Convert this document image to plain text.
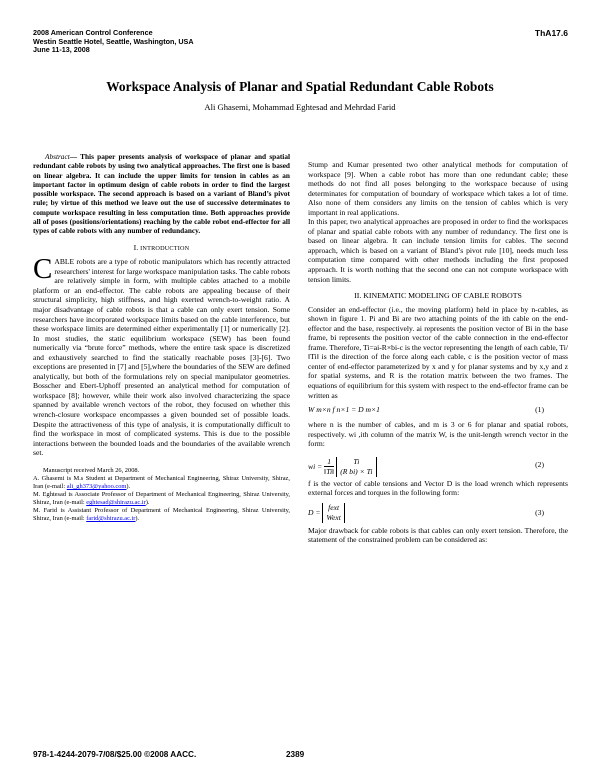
2008 American Control Conference
Westin Seattle Hotel, Seattle, Washington, USA
June 11-13, 2008
ThA17.6
Workspace Analysis of Planar and Spatial Redundant Cable Robots
Ali Ghasemi, Mohammad Eghtesad and Mehrdad Farid

Abstract— This paper presents analysis of workspace of planar and spatial redundant cable robots by using two analytical approaches. The first one is based on linear algebra. It can include the upper limits for tension in cables as an important factor in optimum design of cable robots in order to find the largest possible workspace. The second approach is based on a variant of Bland’s pivot rule; by virtue of this method we leave out the use of successive determinates to compute workspace resulting in less computation time. Both approaches provide all of poses (positions/orientations) reaching by the cable robot end-effector for all types of cable robots with any number of redundancy.

I. INTRODUCTION

CABLE robots are a type of robotic manipulators which has recently attracted researchers' interest for large workspace manipulation tasks. The cable robots are relatively simple in form, with multiple cables attached to a mobile platform or an end-effector. The cable robots are appealing because of their structural simplicity, high stiffness, and high exerted wrench-to-weight ratio. A major disadvantage of cable robots is that a cable can only exert tension. Some researchers have incorporated workspace limits based on the cable interference, but these workspace limits are determined either experimentally [1] or numerically [2]. In most studies, the static equilibrium workspace (SEW) has been found numerically via “brute force” methods, where the entire task space is discretized and exhaustively searched to find the statically reachable poses [3]-[6]. Two exceptions are presented in [7] and [5],where the boundaries of the SEW are defined analytically, but both of the formulations rely on special manipulator geometries. Bosscher and Ebert-Uphoff presented an analytical method for computation of workspace [8]; however, while their work also involved characterizing the space spanned by available wrench vectors of the robot, they focused on whether this wrench-closure workspace encompasses a given bounded set of possible loads. Despite the attractiveness of this type of analysis, it is computationally difficult to find the workspace in most of complicated systems. This is due to the possible interactions between the bounded loads and the boundaries of the available wrench set.

Manuscript received March 26, 2008.
A. Ghasemi is M.s Student at Department of Mechanical Engineering, Shiraz University, Shiraz, Iran (e-mail: ali_gh373@yahoo.com).
M. Eghtesad is Associate Professor of Department of Mechanical Engineering, Shiraz University, Shiraz, Iran (e-mail: eghtesad@shirazu.ac.ir).
M. Farid is Assistant Professor of Department of Mechanical Engineering, Shiraz University, Shiraz, Iran (e-mail: farid@shirazu.ac.ir).

Stump and Kumar presented two other analytical methods for computation of workspace [9]. When a cable robot has more than one redundant cable; these methods do not find all poses belonging to the workspace because of using determinates for computation of boundary of workspace which takes a lot of time. Also none of them considers any limits on the tension of cables which is very important in real applications.

In this paper, two analytical approaches are proposed in order to find the workspaces of planar and spatial cable robots with any number of redundancy. The first one is based on linear algebra. It can include tension limits for cables. The second approach, which is based on a variant of Bland’s pivot rule [10], needs much less computation time compared with other methods including the first proposed approach. It is worth nothing that the second one can not compute workspace with tension limits.

II. KINEMATIC MODELING OF CABLE ROBOTS

Consider an end-effector (i.e., the moving platform) held in place by n-cables, as shown in figure 1. Pi and Bi are two attaching points of the ith cable on the end-effector and the base, respectively. ai represents the position vector of Bi in the base frame, bi represents the position vector of the cable connection in the end-effector frame. Therefore, Ti=ai-R×bi-c is the vector representing the length of each cable, Ti/‖Ti‖ is the direction of the force along each cable, c is the position vector of mass center of end-effector parameterized by x and y for planar systems and by x,y and z for spatial systems, and R is the rotation matrix between the two frames. The equations of equilibrium for this system with respect to the end-effector frame can be written as

W m×n f n×1 = D m×1	(1)

where n is the number of cables, and m is 3 or 6 for planar and spatial robots, respectively. wi ,ith column of the matrix W, is the unit-length wrench vector in the form:

wi = $\frac{1}{‖Ti‖}$
	Ti
(R bi) × Ti
(2)

f is the vector of cable tensions and Vector D is the load wrench which represents external forces and torques in the following form:

D =
fext
Wext
(3)

Major drawback for cable robots is that cables can only exert tension. Therefore, the statement of the constrained problem can be considered as:

978-1-4244-2079-7/08/$25.00 ©2008 AACC.	2389
